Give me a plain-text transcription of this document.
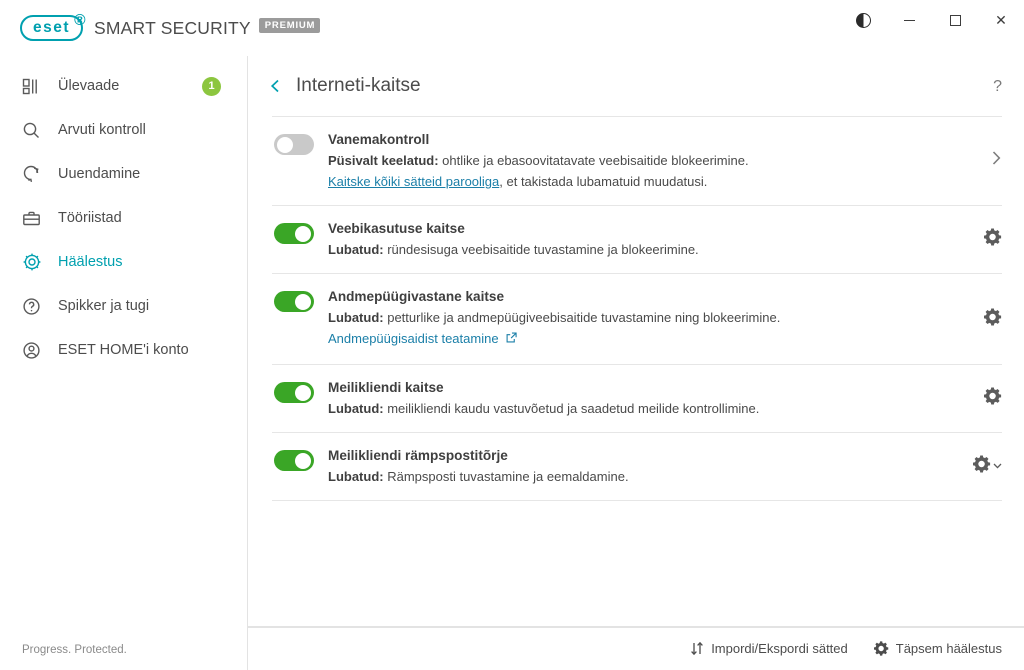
eset ® SMART SECURITY	PREMIUM	✕
Ülevaade	1
Arvuti kontroll
Uuendamine
Tööriistad
Häälestus
Spikker ja tugi
ESET HOME'i konto
Progress. Protected.
Interneti-kaitse	?
Vanemakontroll
Püsivalt keelatud: ohtlike ja ebasoovitatavate veebisaitide blokeerimine.
Kaitske kõiki sätteid parooliga, et takistada lubamatuid muudatusi.
Veebikasutuse kaitse
Lubatud: ründesisuga veebisaitide tuvastamine ja blokeerimine.
Andmepüügivastane kaitse
Lubatud: petturlike ja andmepüügiveebisaitide tuvastamine ning blokeerimine.
Andmepüügisaidist teatamine
Meilikliendi kaitse
Lubatud: meilikliendi kaudu vastuvõetud ja saadetud meilide kontrollimine.
Meilikliendi rämpspostitõrje
Lubatud: Rämpsposti tuvastamine ja eemaldamine.
Impordi/Ekspordi sätted	Täpsem häälestus
